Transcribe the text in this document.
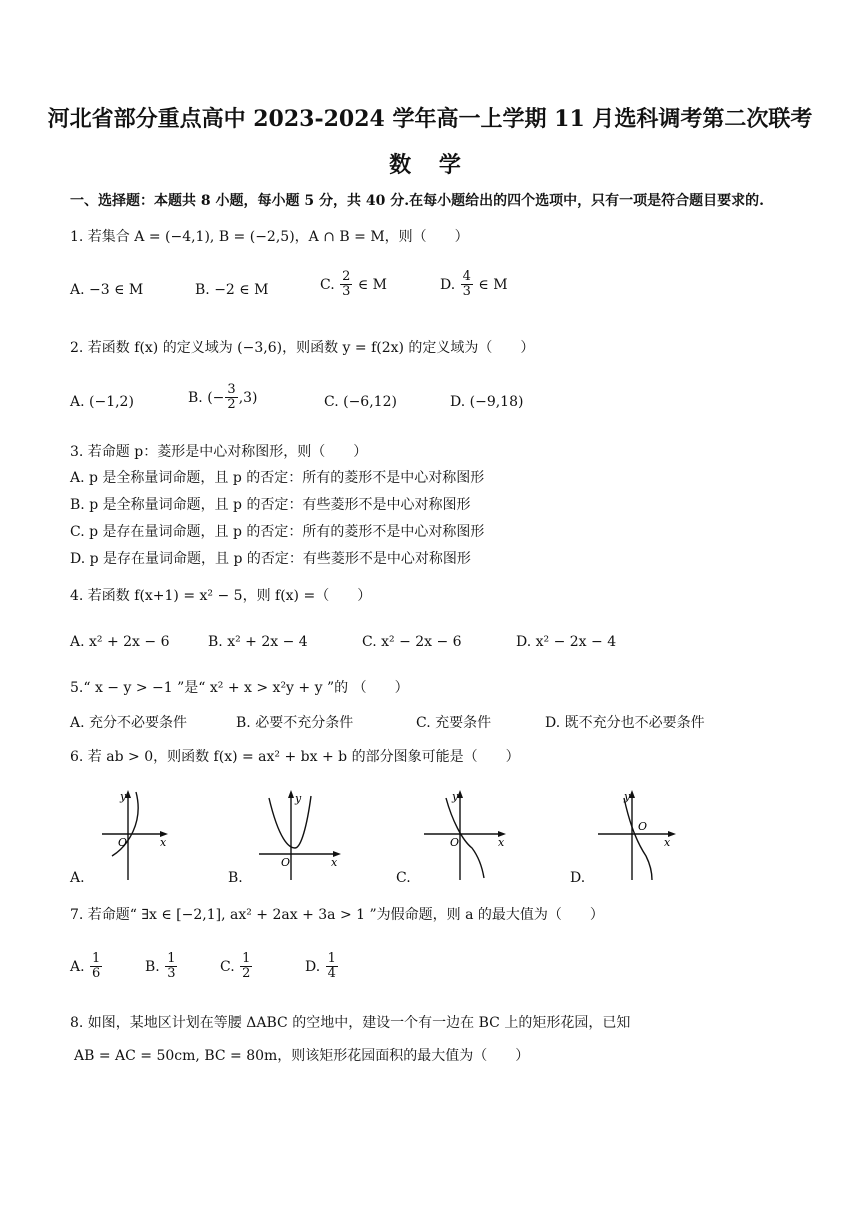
河北省部分重点高中 2023-2024 学年高一上学期 11 月选科调考第二次联考
数 学
一、选择题：本题共 8 小题，每小题 5 分，共 40 分.在每小题给出的四个选项中，只有一项是符合题目要求的.
1. 若集合 A = (−4,1), B = (−2,5)，A ∩ B = M，则（　　）
A. −3 ∈ M	B. −2 ∈ M	C. $\frac{2}{3}$ ∈ M	D. $\frac{4}{3}$ ∈ M
2. 若函数 f(x) 的定义域为 (−3,6)，则函数 y = f(2x) 的定义域为（　　）
A. (−1,2)	B. (− $\frac{3}{2} ,3$)	C. (−6,12)	D. (−9,18)
3. 若命题 p：菱形是中心对称图形，则（　　）
A. p 是全称量词命题，且 p 的否定：所有的菱形不是中心对称图形
B. p 是全称量词命题，且 p 的否定：有些菱形不是中心对称图形
C. p 是存在量词命题，且 p 的否定：所有的菱形不是中心对称图形
D. p 是存在量词命题，且 p 的否定：有些菱形不是中心对称图形
4. 若函数 f(x+1) = x² − 5，则 f(x) =（　　）
A. x² + 2x − 6	B. x² + 2x − 4	C. x² − 2x − 6	D. x² − 2x − 4
5.“ x − y > −1 ”是“ x² + x > x²y + y ”的 （　　）
A. 充分不必要条件	B. 必要不充分条件	C. 充要条件	D. 既不充分也不必要条件
6. 若 ab > 0，则函数 f(x) = ax² + bx + b 的部分图象可能是（　　）
A.
y
x
O
B.
y
x
O
C.
y
x
O
D.
y
x
O
7. 若命题“ ∃x ∈ [−2,1], ax² + 2ax + 3a > 1 ”为假命题，则 a 的最大值为（　　）
A. $\frac{1}{6}$	B. $\frac{1}{3}$	C. $\frac{1}{2}$	D. $\frac{1}{4}$
8. 如图，某地区计划在等腰 ΔABC 的空地中，建设一个有一边在 BC 上的矩形花园，已知
AB = AC = 50cm, BC = 80m，则该矩形花园面积的最大值为（　　）
